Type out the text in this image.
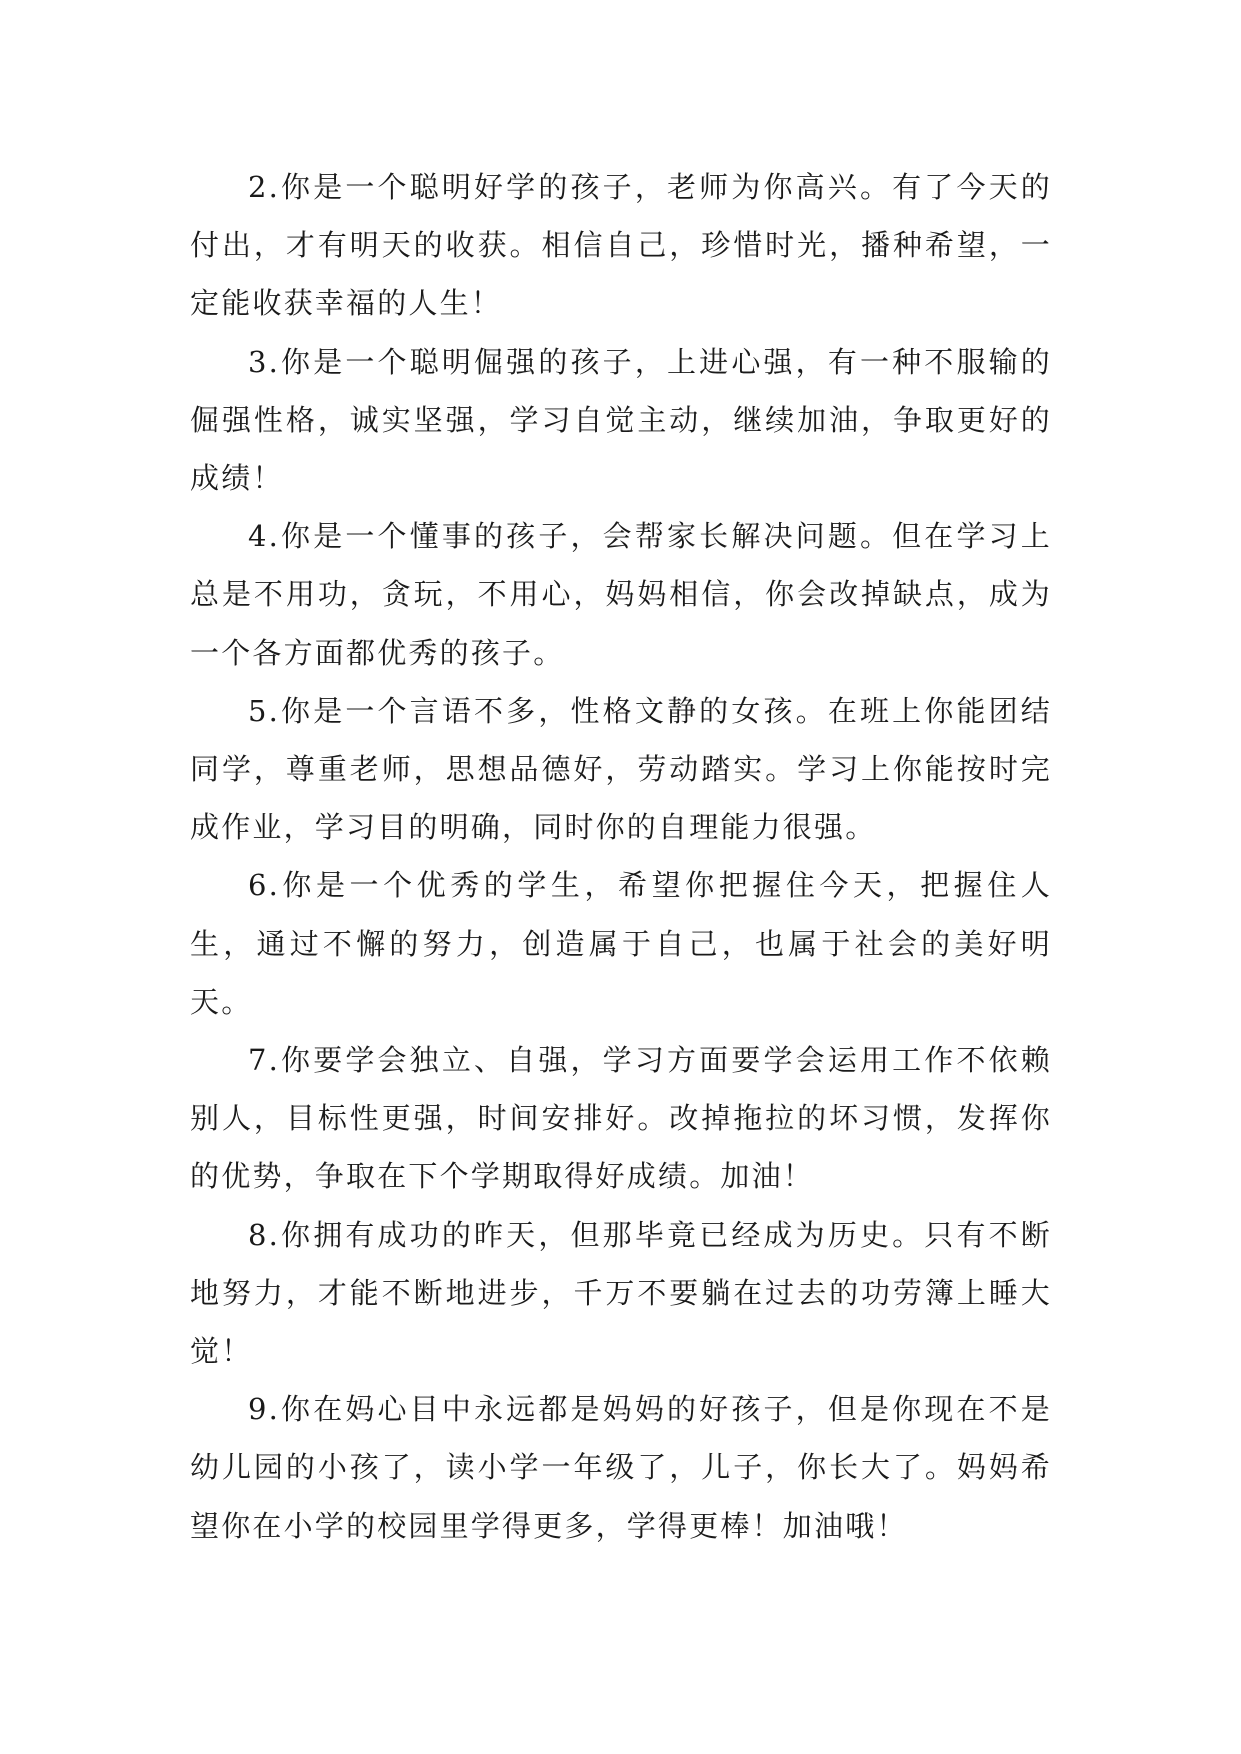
2.你是一个聪明好学的孩子，老师为你高兴。有了今天的付出，才有明天的收获。相信自己，珍惜时光，播种希望，一定能收获幸福的人生！

3.你是一个聪明倔强的孩子，上进心强，有一种不服输的倔强性格，诚实坚强，学习自觉主动，继续加油，争取更好的成绩！

4.你是一个懂事的孩子，会帮家长解决问题。但在学习上总是不用功，贪玩，不用心，妈妈相信，你会改掉缺点，成为一个各方面都优秀的孩子。

5.你是一个言语不多，性格文静的女孩。在班上你能团结同学，尊重老师，思想品德好，劳动踏实。学习上你能按时完成作业，学习目的明确，同时你的自理能力很强。

6.你是一个优秀的学生，希望你把握住今天，把握住人生，通过不懈的努力，创造属于自己，也属于社会的美好明天。

7.你要学会独立、自强，学习方面要学会运用工作不依赖别人，目标性更强，时间安排好。改掉拖拉的坏习惯，发挥你的优势，争取在下个学期取得好成绩。加油！

8.你拥有成功的昨天，但那毕竟已经成为历史。只有不断地努力，才能不断地进步，千万不要躺在过去的功劳簿上睡大觉！

9.你在妈心目中永远都是妈妈的好孩子，但是你现在不是幼儿园的小孩了，读小学一年级了，儿子，你长大了。妈妈希望你在小学的校园里学得更多，学得更棒！加油哦！
